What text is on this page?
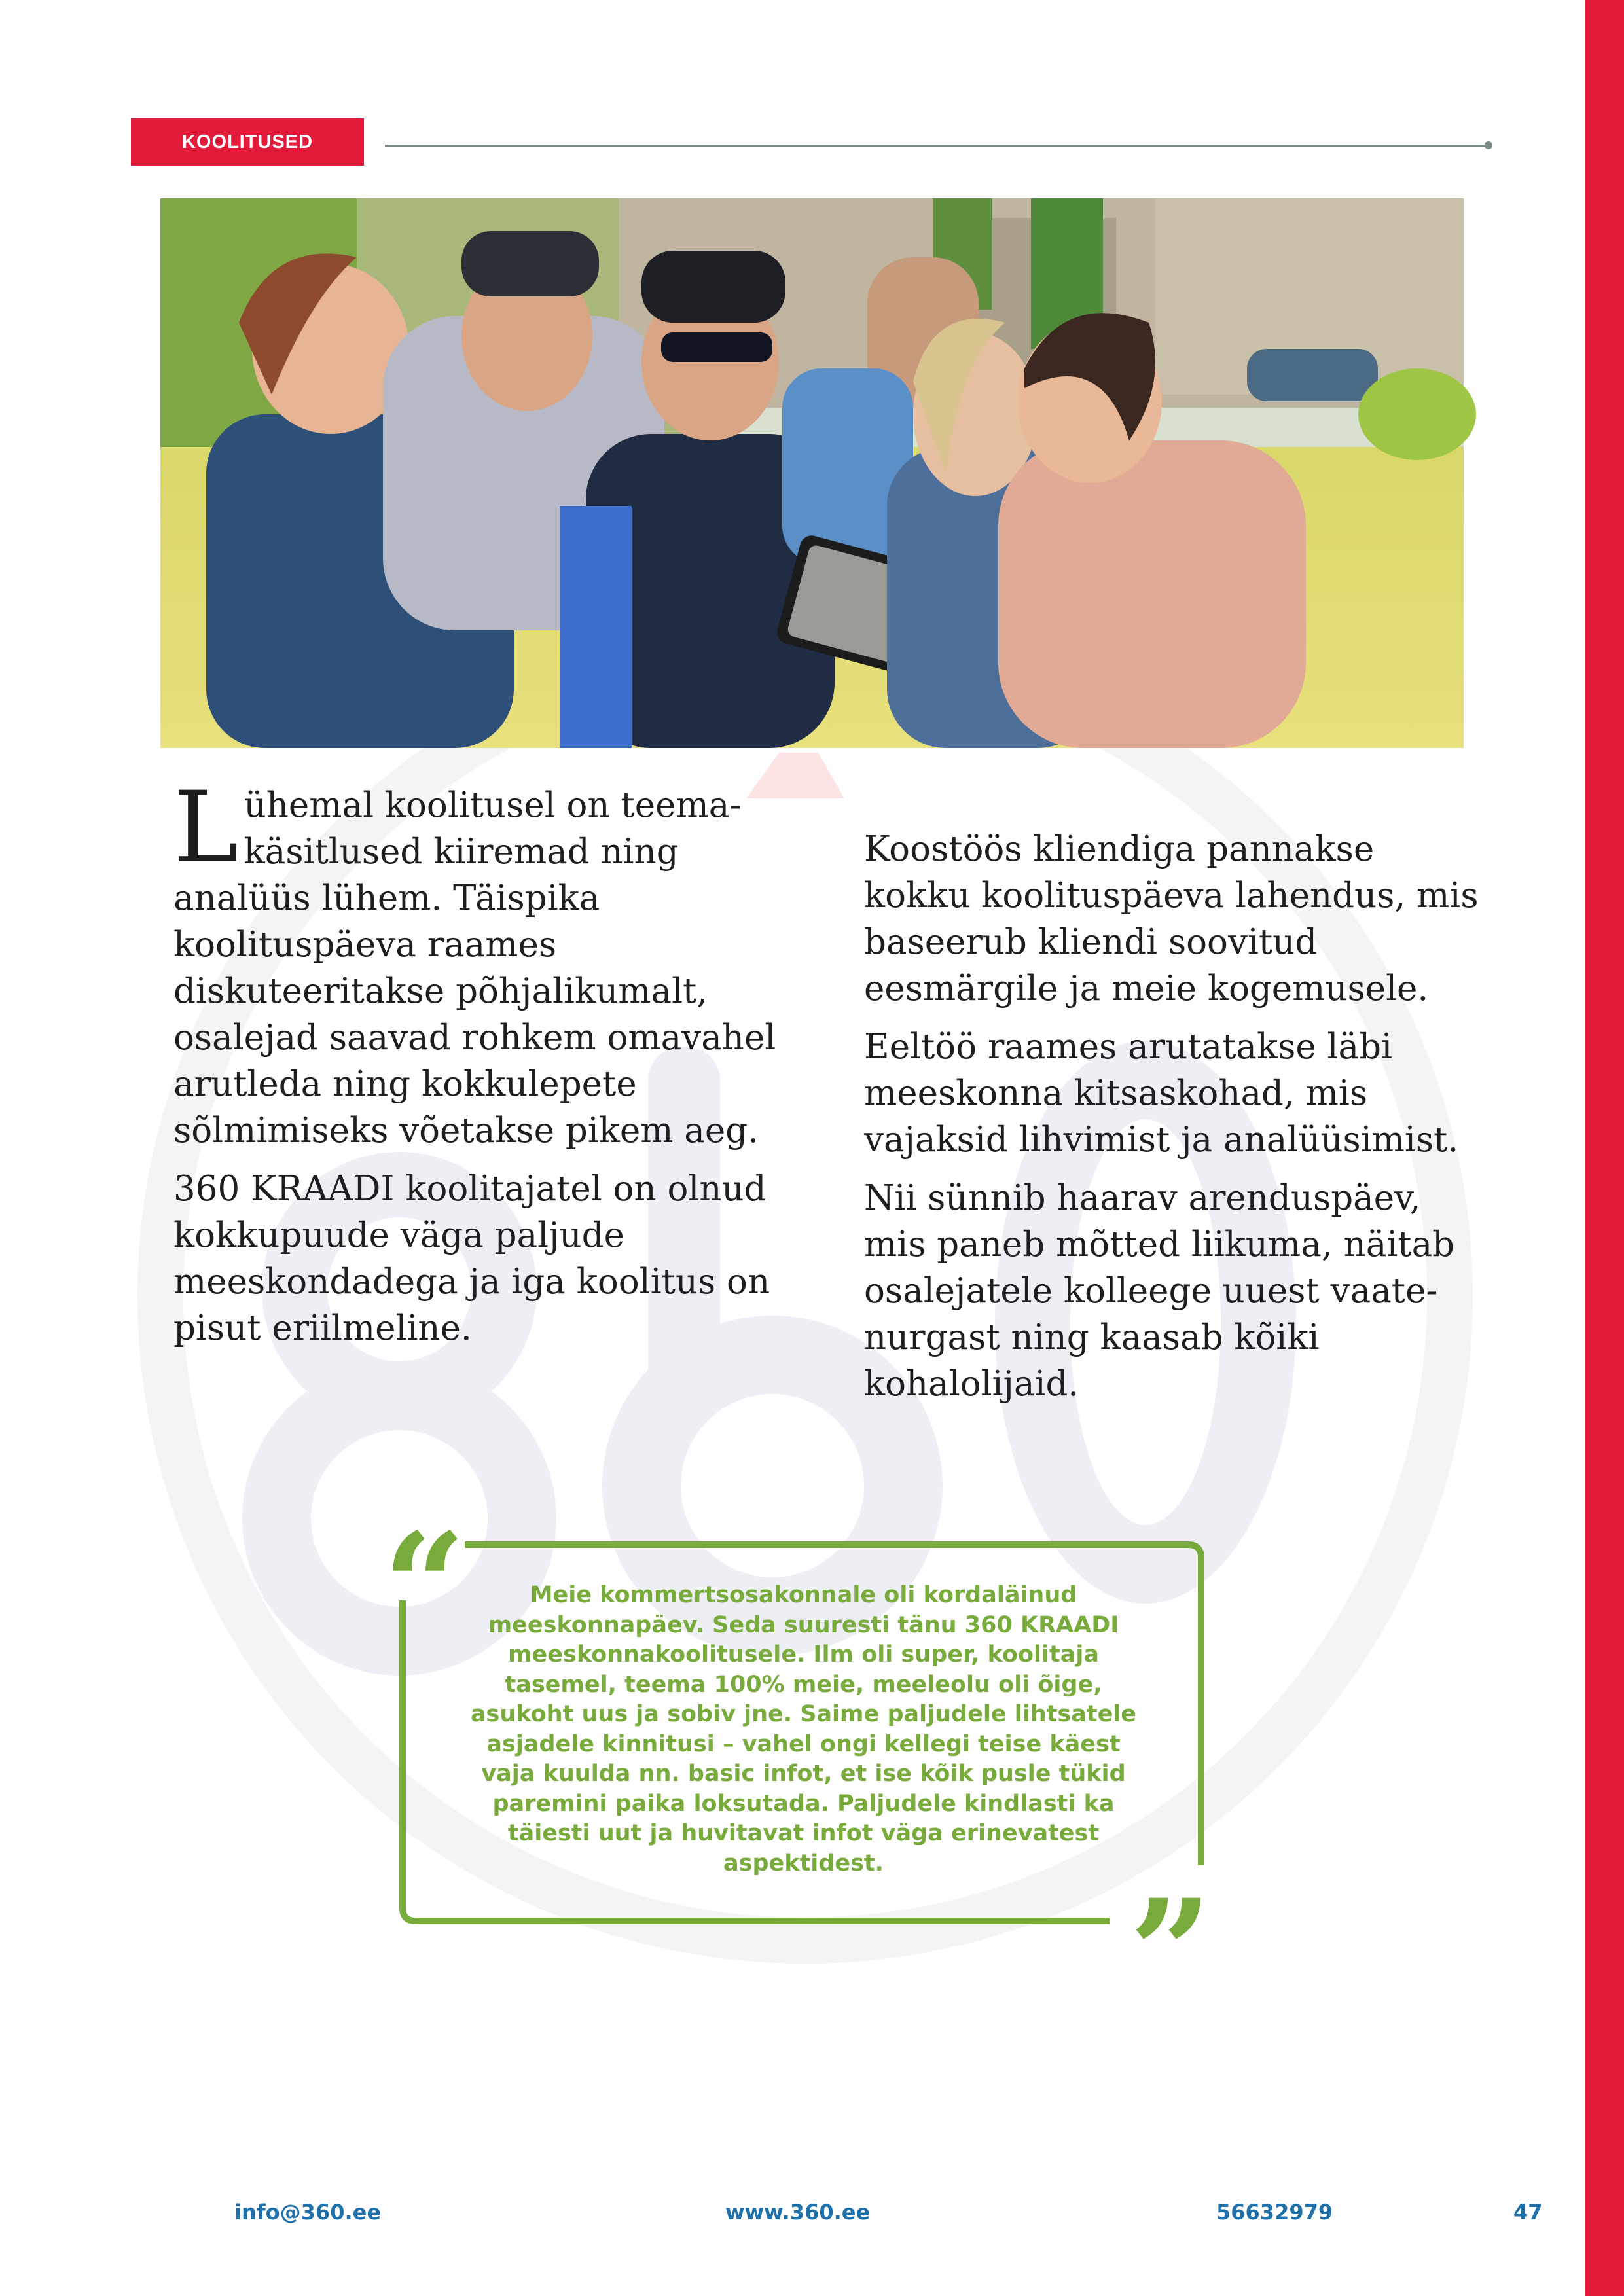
KOOLITUSED

Lühemal koolitusel on teemakäsitlused kiiremad ning analüüs lühem. Täispika koolituspäeva raames diskuteeritakse põhjalikumalt, osalejad saavad rohkem omavahel arutleda ning kokkulepete sõlmimiseks võetakse pikem aeg.

360 KRAADI koolitajatel on olnud kokkupuude väga paljude meeskondadega ja iga koolitus on pisut eriilmeline.

Koostöös kliendiga pannakse kokku koolituspäeva lahendus, mis baseerub kliendi soovitud eesmärgile ja meie kogemusele.

Eeltöö raames arutatakse läbi meeskonna kitsaskohad, mis vajaksid lihvimist ja analüüsimist.

Nii sünnib haarav arenduspäev, mis paneb mõtted liikuma, näitab osalejatele kolleege uuest vaatenurgast ning kaasab kõiki kohalolijaid.

“
”
Meie kommertsosakonnale oli kordaläinud meeskonnapäev. Seda suuresti tänu 360 KRAADI meeskonnakoolitusele. Ilm oli super, koolitaja tasemel, teema 100% meie, meeleolu oli õige, asukoht uus ja sobiv jne. Saime paljudele lihtsatele asjadele kinnitusi – vahel ongi kellegi teise käest vaja kuulda nn. basic infot, et ise kõik pusle tükid paremini paika loksutada. Paljudele kindlasti ka täiesti uut ja huvitavat infot väga erinevatest aspektidest.
info@360.ee	www.360.ee	56632979	47
